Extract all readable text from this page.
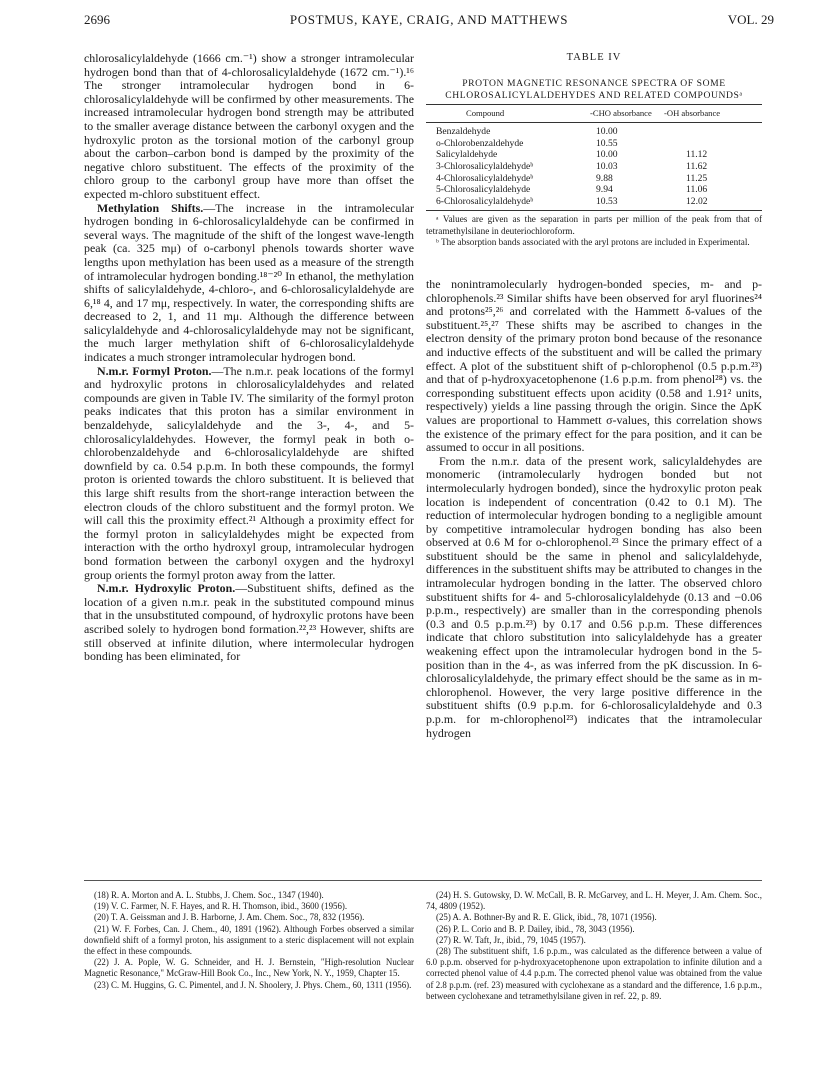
2696	POSTMUS, KAYE, CRAIG, AND MATTHEWS	VOL. 29

chlorosalicylaldehyde (1666 cm.⁻¹) show a stronger intramolecular hydrogen bond than that of 4-chlorosalicylaldehyde (1672 cm.⁻¹).¹⁶ The stronger intramolecular hydrogen bond in 6-chlorosalicylaldehyde will be confirmed by other measurements. The increased intramolecular hydrogen bond strength may be attributed to the smaller average distance between the carbonyl oxygen and the hydroxylic proton as the torsional motion of the carbonyl group about the carbon–carbon bond is damped by the proximity of the negative chloro substituent. The effects of the proximity of the chloro group to the carbonyl group have more than offset the expected m-chloro substituent effect.

Methylation Shifts.—The increase in the intramolecular hydrogen bonding in 6-chlorosalicylaldehyde can be confirmed in several ways. The magnitude of the shift of the longest wave-length peak (ca. 325 mμ) of o-carbonyl phenols towards shorter wave lengths upon methylation has been used as a measure of the strength of intramolecular hydrogen bonding.¹⁸⁻²⁰ In ethanol, the methylation shifts of salicylaldehyde, 4-chloro-, and 6-chlorosalicylaldehyde are 6,¹⁸ 4, and 17 mμ, respectively. In water, the corresponding shifts are decreased to 2, 1, and 11 mμ. Although the difference between salicylaldehyde and 4-chlorosalicylaldehyde may not be significant, the much larger methylation shift of 6-chlorosalicylaldehyde indicates a much stronger intramolecular hydrogen bond.

N.m.r. Formyl Proton.—The n.m.r. peak locations of the formyl and hydroxylic protons in chlorosalicylaldehydes and related compounds are given in Table IV. The similarity of the formyl proton peaks indicates that this proton has a similar environment in benzaldehyde, salicylaldehyde and the 3-, 4-, and 5-chlorosalicylaldehydes. However, the formyl peak in both o-chlorobenzaldehyde and 6-chlorosalicylaldehyde are shifted downfield by ca. 0.54 p.p.m. In both these compounds, the formyl proton is oriented towards the chloro substituent. It is believed that this large shift results from the short-range interaction between the electron clouds of the chloro substituent and the formyl proton. We will call this the proximity effect.²¹ Although a proximity effect for the formyl proton in salicylaldehydes might be expected from interaction with the ortho hydroxyl group, intramolecular hydrogen bond formation between the carbonyl oxygen and the hydroxyl group orients the formyl proton away from the latter.

N.m.r. Hydroxylic Proton.—Substituent shifts, defined as the location of a given n.m.r. peak in the substituted compound minus that in the unsubstituted compound, of hydroxylic protons have been ascribed solely to hydrogen bond formation.²²,²³ However, shifts are still observed at infinite dilution, where intermolecular hydrogen bonding has been eliminated, for

TABLE IV
PROTON MAGNETIC RESONANCE SPECTRA OF SOME
CHLOROSALICYLALDEHYDES AND RELATED COMPOUNDSᵃ
Compound	-CHO absorbance -OH absorbance
Benzaldehyde	10.00
o-Chlorobenzaldehyde	10.55
Salicylaldehyde	10.00	11.12
3-Chlorosalicylaldehydeᵇ	10.03	11.62
4-Chlorosalicylaldehydeᵇ	9.88	11.25
5-Chlorosalicylaldehyde	9.94	11.06
6-Chlorosalicylaldehydeᵇ	10.53	12.02

ᵃ Values are given as the separation in parts per million of the peak from that of tetramethylsilane in deuteriochloroform.

ᵇ The absorption bands associated with the aryl protons are included in Experimental.

the nonintramolecularly hydrogen-bonded species, m- and p-chlorophenols.²³ Similar shifts have been observed for aryl fluorines²⁴ and protons²⁵,²⁶ and correlated with the Hammett δ-values of the substituent.²⁵,²⁷ These shifts may be ascribed to changes in the electron density of the primary proton bond because of the resonance and inductive effects of the substituent and will be called the primary effect. A plot of the substituent shift of p-chlorophenol (0.5 p.p.m.²³) and that of p-hydroxyacetophenone (1.6 p.p.m. from phenol²⁸) vs. the corresponding substituent effects upon acidity (0.58 and 1.91² units, respectively) yields a line passing through the origin. Since the ΔpK values are proportional to Hammett σ-values, this correlation shows the existence of the primary effect for the para position, and it can be assumed to occur in all positions.

From the n.m.r. data of the present work, salicylaldehydes are monomeric (intramolecularly hydrogen bonded but not intermolecularly hydrogen bonded), since the hydroxylic proton peak location is independent of concentration (0.42 to 0.1 M). The reduction of intermolecular hydrogen bonding to a negligible amount by competitive intramolecular hydrogen bonding has also been observed at 0.6 M for o-chlorophenol.²³ Since the primary effect of a substituent should be the same in phenol and salicylaldehyde, differences in the substituent shifts may be attributed to changes in the intramolecular hydrogen bonding in the latter. The observed chloro substituent shifts for 4- and 5-chlorosalicylaldehyde (0.13 and −0.06 p.p.m., respectively) are smaller than in the corresponding phenols (0.3 and 0.5 p.p.m.²³) by 0.17 and 0.56 p.p.m. These differences indicate that chloro substitution into salicylaldehyde has a greater weakening effect upon the intramolecular hydrogen bond in the 5-position than in the 4-, as was inferred from the pK discussion. In 6-chlorosalicylaldehyde, the primary effect should be the same as in m-chlorophenol. However, the very large positive difference in the substituent shifts (0.9 p.p.m. for 6-chlorosalicylaldehyde and 0.3 p.p.m. for m-chlorophenol²³) indicates that the intramolecular hydrogen

(18) R. A. Morton and A. L. Stubbs, J. Chem. Soc., 1347 (1940).

(19) V. C. Farmer, N. F. Hayes, and R. H. Thomson, ibid., 3600 (1956).

(20) T. A. Geissman and J. B. Harborne, J. Am. Chem. Soc., 78, 832 (1956).

(21) W. F. Forbes, Can. J. Chem., 40, 1891 (1962). Although Forbes observed a similar downfield shift of a formyl proton, his assignment to a steric displacement will not explain the effect in these compounds.

(22) J. A. Pople, W. G. Schneider, and H. J. Bernstein, "High-resolution Nuclear Magnetic Resonance," McGraw-Hill Book Co., Inc., New York, N. Y., 1959, Chapter 15.

(23) C. M. Huggins, G. C. Pimentel, and J. N. Shoolery, J. Phys. Chem., 60, 1311 (1956).

(24) H. S. Gutowsky, D. W. McCall, B. R. McGarvey, and L. H. Meyer, J. Am. Chem. Soc., 74, 4809 (1952).

(25) A. A. Bothner-By and R. E. Glick, ibid., 78, 1071 (1956).

(26) P. L. Corio and B. P. Dailey, ibid., 78, 3043 (1956).

(27) R. W. Taft, Jr., ibid., 79, 1045 (1957).

(28) The substituent shift, 1.6 p.p.m., was calculated as the difference between a value of 6.0 p.p.m. observed for p-hydroxyacetophenone upon extrapolation to infinite dilution and a corrected phenol value of 4.4 p.p.m. The corrected phenol value was obtained from the value of 2.8 p.p.m. (ref. 23) measured with cyclohexane as a standard and the difference, 1.6 p.p.m., between cyclohexane and tetramethylsilane given in ref. 22, p. 89.
